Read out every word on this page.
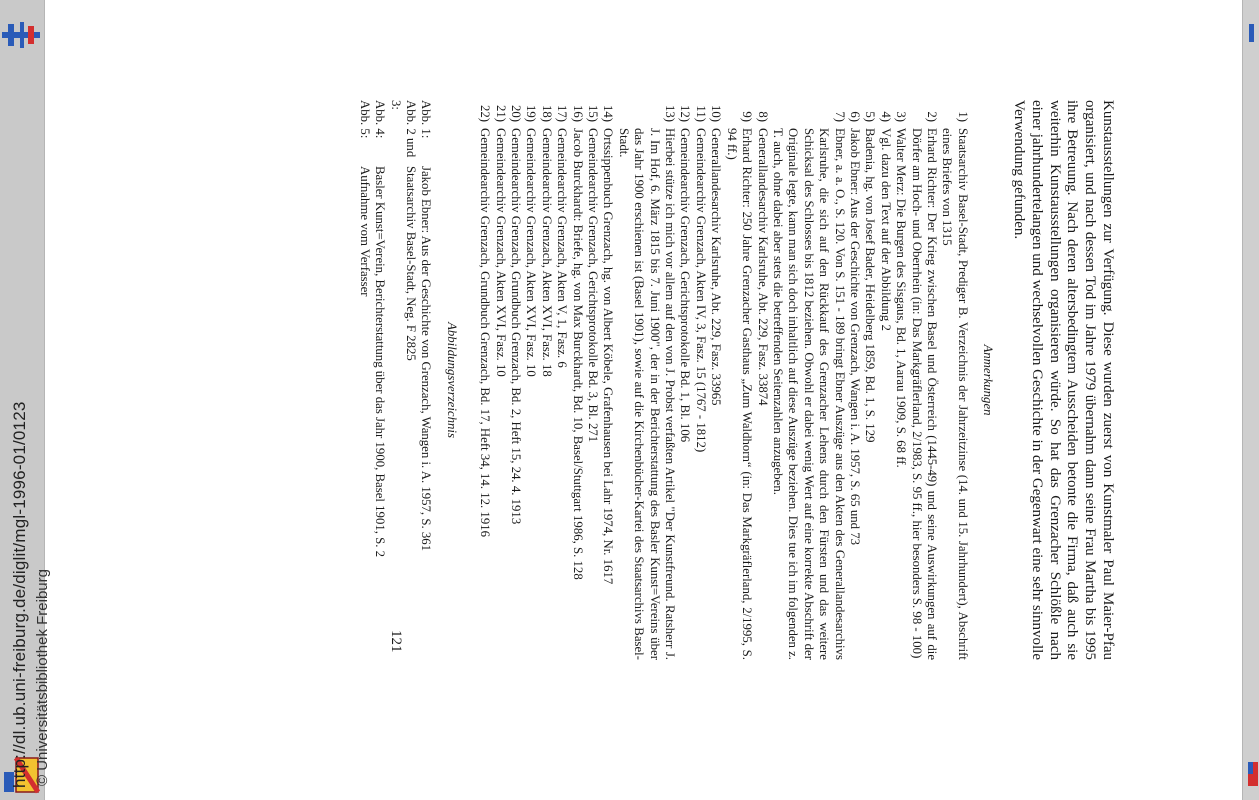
http://dl.ub.uni-freiburg.de/diglit/mgl-1996-01/0123 © Universitätsbibliothek Freiburg

Kunstausstellungen zur Verfügung. Diese wurden zuerst von Kunstmaler Paul Maier-Pfau organisiert, und nach dessen Tod im Jahre 1979 übernahm dann seine Frau Martha bis 1995 ihre Betreuung. Nach deren altersbedingtem Ausscheiden betonte die Firma, daß auch sie weiterhin Kunstausstellungen organisieren würde. So hat das Grenzacher Schlößle nach einer jahrhundertelangen und wechselvollen Geschichte in der Gegenwart eine sehr sinnvolle Verwendung gefunden.

Anmerkungen
1)
Staatsarchiv Basel-Stadt, Prediger B. Verzeichnis der Jahrzeitzinse (14. und 15. Jahrhundert), Abschrift eines Briefes von 1315
2)
Erhard Richter: Der Krieg zwischen Basel und Österreich (1445-49) und seine Auswirkungen auf die Dörfer am Hoch- und Oberrhein (in: Das Markgräflerland, 2/1983, S. 95 ff., hier besonders S. 98 - 100)
3)
Walter Merz: Die Burgen des Sisgaus, Bd. 1, Aarau 1909, S. 68 ff.
4)
Vgl. dazu den Text auf der Abbildung 2
5)
Badenia, hg. von Josef Bader, Heidelberg 1859, Bd. 1, S. 129
6)
Jakob Ebner: Aus der Geschichte von Grenzach, Wangen i. A. 1957, S. 65 und 73
7)
Ebner, a. a. O., S. 120. Von S. 151 - 189 bringt Ebner Auszüge aus den Akten des Generallandesarchivs Karlsruhe, die sich auf den Rückkauf des Grenzacher Lehens durch den Fürsten und das weitere Schicksal des Schlosses bis 1812 beziehen. Obwohl er dabei wenig Wert auf eine korrekte Abschrift der Originale legte, kann man sich doch inhaltlich auf diese Auszüge beziehen. Dies tue ich im folgenden z. T. auch, ohne dabei aber stets die betreffenden Seitenzahlen anzugeben.
8)
Generallandesarchiv Karlsruhe, Abt. 229, Fasz. 33874
9)
Erhard Richter: 250 Jahre Grenzacher Gasthaus „Zum Waldhorn“ (in: Das Markgräflerland, 2/1995, S. 94 ff.)
10)
Generallandesarchiv Karlsruhe, Abt. 229, Fasz. 33965
11)
Gemeindearchiv Grenzach, Akten IV, 3, Fasz. 15 (1767 - 1812)
12)
Gemeindearchiv Grenzach, Gerichtsprotokolle Bd. 1, Bl. 106
13)
Hierbei stütze ich mich vor allem auf den von J. Probst verfaßten Artikel "Der Kunstfreund. Ratsherr J. J. Im Hof, 6. März 1815 bis 7. Juni 1900", der in der Berichterstattung des Basler Kunst=Vereins über das Jahr 1900 erschienen ist (Basel 1901), sowie auf die Kirchenbücher-Kartei des Staatsarchivs Basel-Stadt.
14)
Ortssippenbuch Grenzach, hg. von Albert Köbele, Grafenhausen bei Lahr 1974, Nr. 1617
15)
Gemeindearchiv Grenzach, Gerichtsprotokolle Bd. 3, Bl. 271
16)
Jacob Burckhardt: Briefe, hg. von Max Burckhardt, Bd. 10, Basel/Stuttgart 1986, S. 128
17)
Gemeindearchiv Grenzach, Akten V, 1, Fasz. 6
18)
Gemeindearchiv Grenzach, Akten XVI, Fasz. 18
19)
Gemeindearchiv Grenzach, Akten XVI, Fasz. 10
20)
Gemeindearchiv Grenzach, Grundbuch Grenzach, Bd. 2, Heft 15, 24. 4. 1913
21)
Gemeindearchiv Grenzach, Akten XVI, Fasz. 10
22)
Gemeindearchiv Grenzach, Grundbuch Grenzach, Bd. 17, Heft 34, 14. 12. 1916
Abbildungsverzeichnis
Abb. 1:
Jakob Ebner: Aus der Geschichte von Grenzach, Wangen i. A. 1957, S. 361
Abb. 2 und 3:
Staatsarchiv Basel-Stadt, Neg. F 2825
Abb. 4:
Basler Kunst=Verein, Berichterstattung über das Jahr 1900, Basel 1901, S. 2
Abb. 5:
Aufnahme vom Verfasser
121
